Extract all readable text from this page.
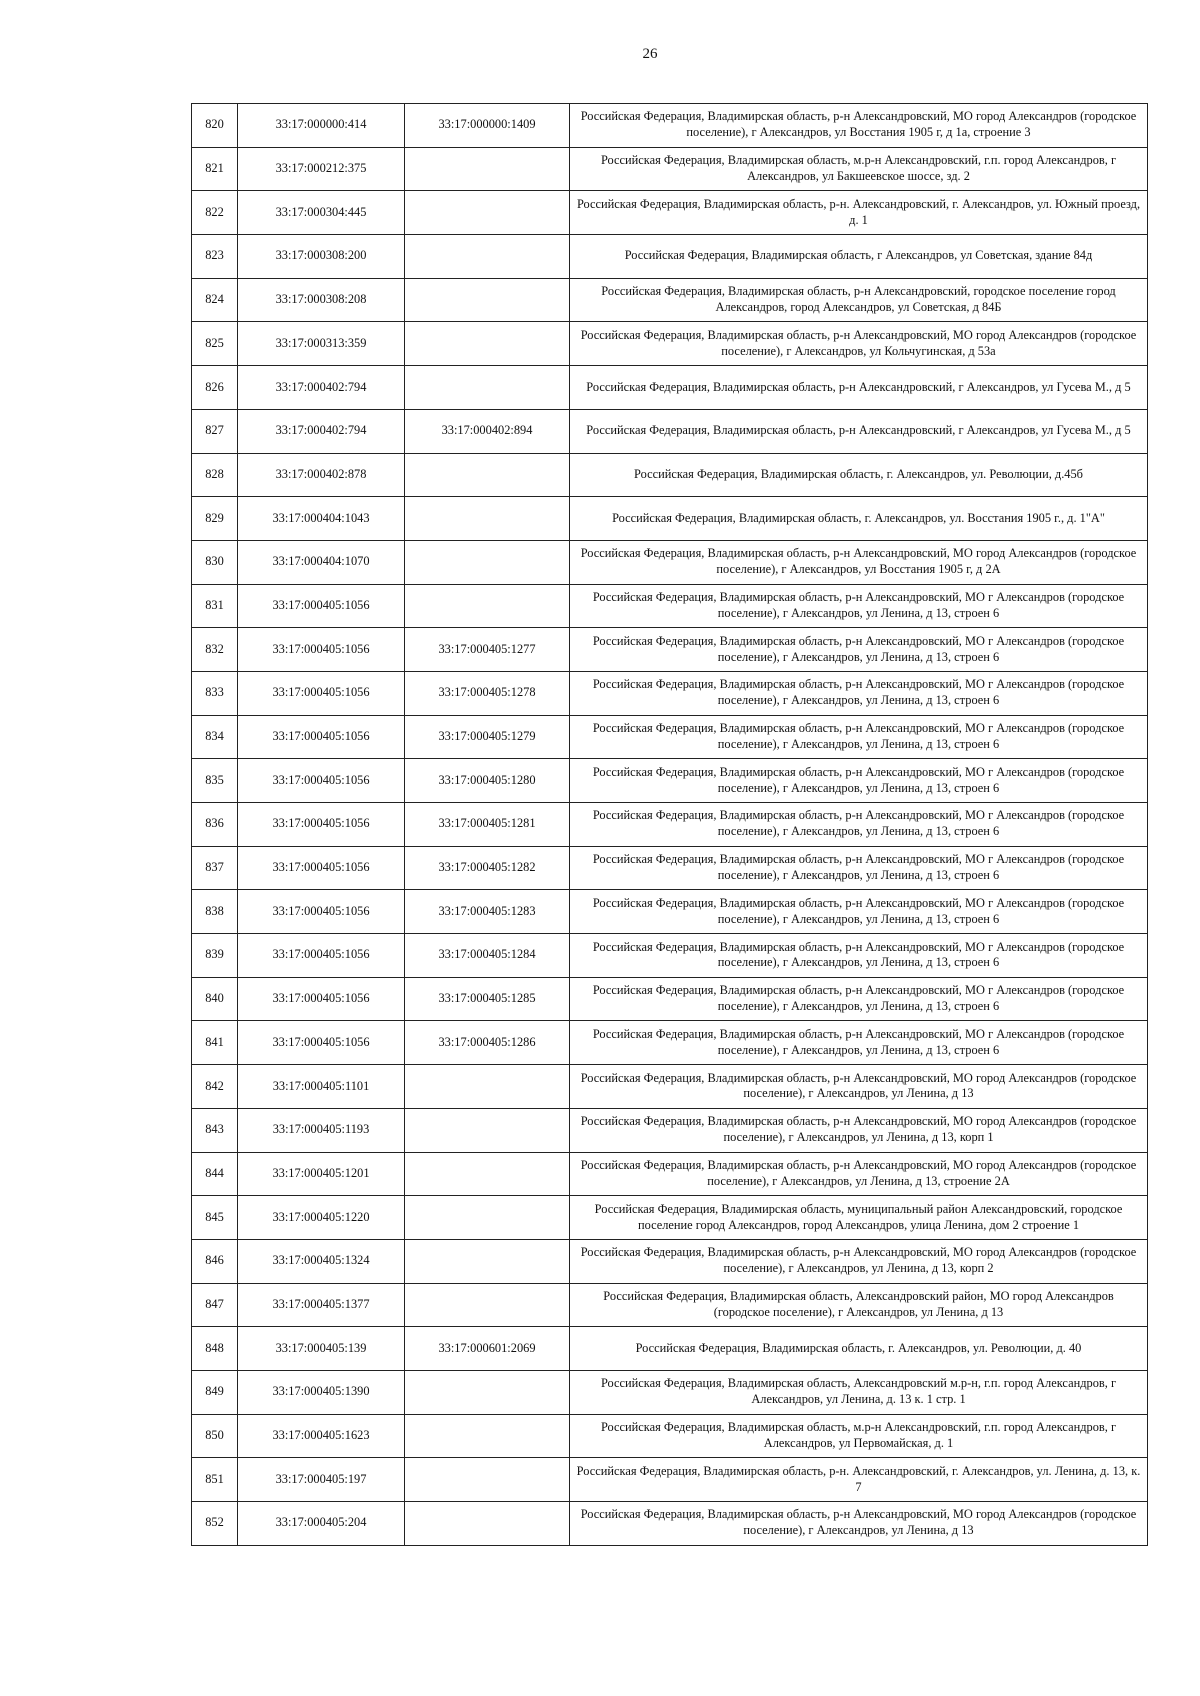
26
820	33:17:000000:414	33:17:000000:1409	Российская Федерация, Владимирская область, р-н Александровский, МО город Александров (городское поселение), г Александров, ул Восстания 1905 г, д 1а, строение 3
821	33:17:000212:375		Российская Федерация, Владимирская область, м.р-н Александровский, г.п. город Александров, г Александров, ул Бакшеевское шоссе, зд. 2
822	33:17:000304:445		Российская Федерация, Владимирская область, р-н. Александровский, г. Александров, ул. Южный проезд, д. 1
823	33:17:000308:200		Российская Федерация, Владимирская область, г Александров, ул Советская, здание 84д
824	33:17:000308:208		Российская Федерация, Владимирская область, р-н Александровский, городское поселение город Александров, город Александров, ул Советская, д 84Б
825	33:17:000313:359		Российская Федерация, Владимирская область, р-н Александровский, МО город Александров (городское поселение), г Александров, ул Кольчугинская, д 53а
826	33:17:000402:794		Российская Федерация, Владимирская область, р-н Александровский, г Александров, ул Гусева М., д 5
827	33:17:000402:794	33:17:000402:894	Российская Федерация, Владимирская область, р-н Александровский, г Александров, ул Гусева М., д 5
828	33:17:000402:878		Российская Федерация, Владимирская область, г. Александров, ул. Революции, д.45б
829	33:17:000404:1043		Российская Федерация, Владимирская область, г. Александров, ул. Восстания 1905 г., д. 1"А"
830	33:17:000404:1070		Российская Федерация, Владимирская область, р-н Александровский, МО город Александров (городское поселение), г Александров, ул Восстания 1905 г, д 2А
831	33:17:000405:1056		Российская Федерация, Владимирская область, р-н Александровский, МО г Александров (городское поселение), г Александров, ул Ленина, д 13, строен 6
832	33:17:000405:1056	33:17:000405:1277	Российская Федерация, Владимирская область, р-н Александровский, МО г Александров (городское поселение), г Александров, ул Ленина, д 13, строен 6
833	33:17:000405:1056	33:17:000405:1278	Российская Федерация, Владимирская область, р-н Александровский, МО г Александров (городское поселение), г Александров, ул Ленина, д 13, строен 6
834	33:17:000405:1056	33:17:000405:1279	Российская Федерация, Владимирская область, р-н Александровский, МО г Александров (городское поселение), г Александров, ул Ленина, д 13, строен 6
835	33:17:000405:1056	33:17:000405:1280	Российская Федерация, Владимирская область, р-н Александровский, МО г Александров (городское поселение), г Александров, ул Ленина, д 13, строен 6
836	33:17:000405:1056	33:17:000405:1281	Российская Федерация, Владимирская область, р-н Александровский, МО г Александров (городское поселение), г Александров, ул Ленина, д 13, строен 6
837	33:17:000405:1056	33:17:000405:1282	Российская Федерация, Владимирская область, р-н Александровский, МО г Александров (городское поселение), г Александров, ул Ленина, д 13, строен 6
838	33:17:000405:1056	33:17:000405:1283	Российская Федерация, Владимирская область, р-н Александровский, МО г Александров (городское поселение), г Александров, ул Ленина, д 13, строен 6
839	33:17:000405:1056	33:17:000405:1284	Российская Федерация, Владимирская область, р-н Александровский, МО г Александров (городское поселение), г Александров, ул Ленина, д 13, строен 6
840	33:17:000405:1056	33:17:000405:1285	Российская Федерация, Владимирская область, р-н Александровский, МО г Александров (городское поселение), г Александров, ул Ленина, д 13, строен 6
841	33:17:000405:1056	33:17:000405:1286	Российская Федерация, Владимирская область, р-н Александровский, МО г Александров (городское поселение), г Александров, ул Ленина, д 13, строен 6
842	33:17:000405:1101		Российская Федерация, Владимирская область, р-н Александровский, МО город Александров (городское поселение), г Александров, ул Ленина, д 13
843	33:17:000405:1193		Российская Федерация, Владимирская область, р-н Александровский, МО город Александров (городское поселение), г Александров, ул Ленина, д 13, корп 1
844	33:17:000405:1201		Российская Федерация, Владимирская область, р-н Александровский, МО город Александров (городское поселение), г Александров, ул Ленина, д 13, строение 2А
845	33:17:000405:1220		Российская Федерация, Владимирская область, муниципальный район Александровский, городское поселение город Александров, город Александров, улица Ленина, дом 2 строение 1
846	33:17:000405:1324		Российская Федерация, Владимирская область, р-н Александровский, МО город Александров (городское поселение), г Александров, ул Ленина, д 13, корп 2
847	33:17:000405:1377		Российская Федерация, Владимирская область, Александровский район, МО город Александров (городское поселение), г Александров, ул Ленина, д 13
848	33:17:000405:139	33:17:000601:2069	Российская Федерация, Владимирская область, г. Александров, ул. Революции, д. 40
849	33:17:000405:1390		Российская Федерация, Владимирская область, Александровский м.р-н, г.п. город Александров, г Александров, ул Ленина, д. 13 к. 1 стр. 1
850	33:17:000405:1623		Российская Федерация, Владимирская область, м.р-н Александровский, г.п. город Александров, г Александров, ул Первомайская, д. 1
851	33:17:000405:197		Российская Федерация, Владимирская область, р-н. Александровский, г. Александров, ул. Ленина, д. 13, к. 7
852	33:17:000405:204		Российская Федерация, Владимирская область, р-н Александровский, МО город Александров (городское поселение), г Александров, ул Ленина, д 13
